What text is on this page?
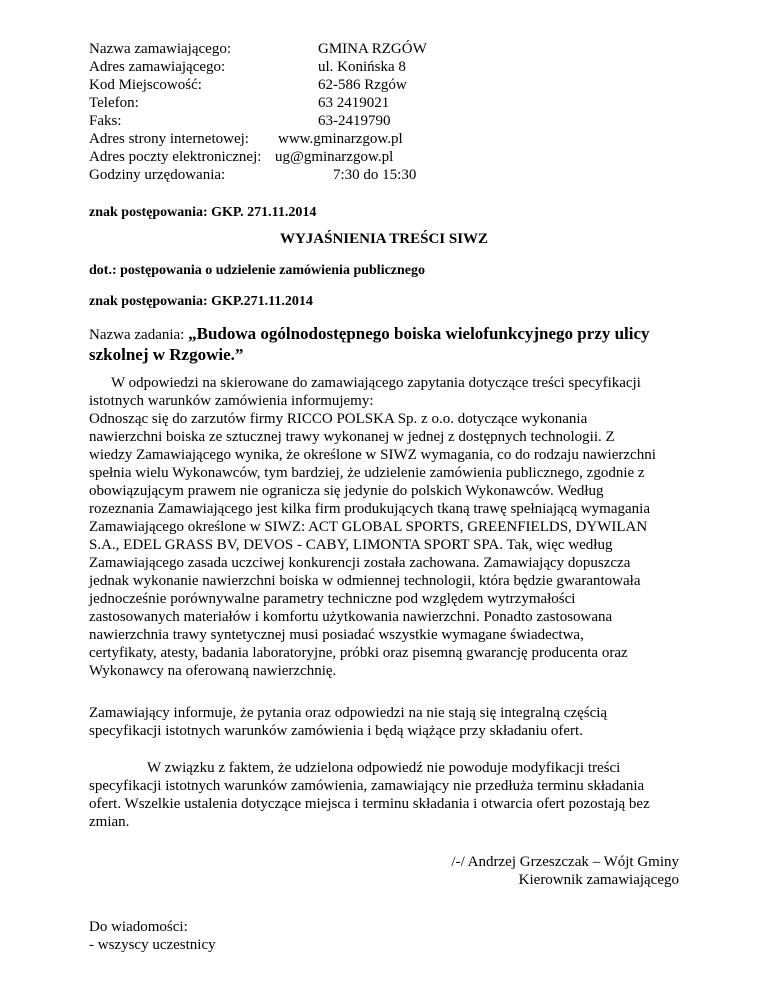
Nazwa zamawiającego:	GMINA RZGÓW
Adres zamawiającego:	ul. Konińska 8
Kod Miejscowość:	62-586 Rzgów
Telefon:	63 2419021
Faks:	63-2419790
Adres strony internetowej: www.gminarzgow.pl
Adres poczty elektronicznej: ug@gminarzgow.pl
Godziny urzędowania:	7:30 do 15:30
znak postępowania: GKP. 271.11.2014
WYJAŚNIENIA TREŚCI SIWZ
dot.: postępowania o udzielenie zamówienia publicznego
znak postępowania: GKP.271.11.2014
Nazwa zadania: „Budowa ogólnodostępnego boiska wielofunkcyjnego przy ulicy szkolnej w Rzgowie.”
W odpowiedzi na skierowane do zamawiającego zapytania dotyczące treści specyfikacji
istotnych warunków zamówienia informujemy:
Odnosząc się do zarzutów firmy RICCO POLSKA Sp. z o.o. dotyczące wykonania
nawierzchni boiska ze sztucznej trawy wykonanej w jednej z dostępnych technologii. Z
wiedzy Zamawiającego wynika, że określone w SIWZ wymagania, co do rodzaju nawierzchni
spełnia wielu Wykonawców, tym bardziej, że udzielenie zamówienia publicznego, zgodnie z
obowiązującym prawem nie ogranicza się jedynie do polskich Wykonawców. Według
rozeznania Zamawiającego jest kilka firm produkujących tkaną trawę spełniającą wymagania
Zamawiającego określone w SIWZ: ACT GLOBAL SPORTS, GREENFIELDS, DYWILAN
S.A., EDEL GRASS BV, DEVOS - CABY, LIMONTA SPORT SPA. Tak, więc według
Zamawiającego zasada uczciwej konkurencji została zachowana. Zamawiający dopuszcza
jednak wykonanie nawierzchni boiska w odmiennej technologii, która będzie gwarantowała
jednocześnie porównywalne parametry techniczne pod względem wytrzymałości
zastosowanych materiałów i komfortu użytkowania nawierzchni. Ponadto zastosowana
nawierzchnia trawy syntetycznej musi posiadać wszystkie wymagane świadectwa,
certyfikaty, atesty, badania laboratoryjne, próbki oraz pisemną gwarancję producenta oraz
Wykonawcy na oferowaną nawierzchnię.
Zamawiający informuje, że pytania oraz odpowiedzi na nie stają się integralną częścią
specyfikacji istotnych warunków zamówienia i będą wiążące przy składaniu ofert.
W związku z faktem, że udzielona odpowiedź nie powoduje modyfikacji treści
specyfikacji istotnych warunków zamówienia, zamawiający nie przedłuża terminu składania
ofert. Wszelkie ustalenia dotyczące miejsca i terminu składania i otwarcia ofert pozostają bez
zmian.
/-/ Andrzej Grzeszczak – Wójt Gminy
Kierownik zamawiającego
Do wiadomości:
- wszyscy uczestnicy
